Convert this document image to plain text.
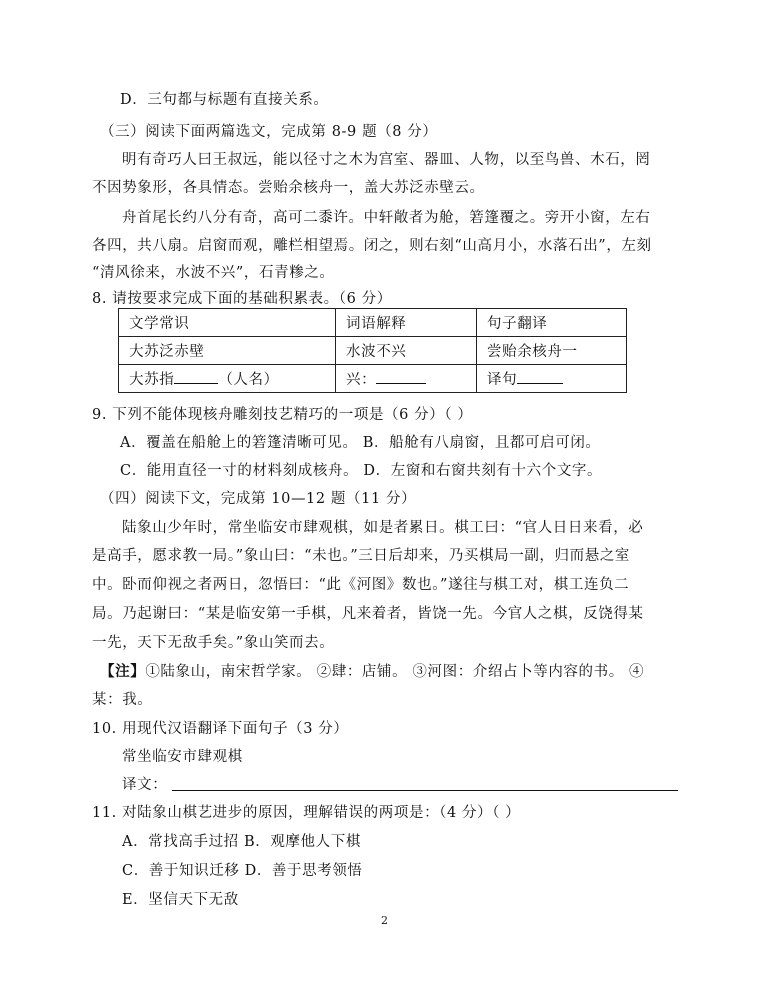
D．三句都与标题有直接关系。
（三）阅读下面两篇选文，完成第 8-9 题（8 分）
明有奇巧人曰王叔远，能以径寸之木为宫室、器皿、人物，以至鸟兽、木石，罔
不因势象形，各具情态。尝贻余核舟一，盖大苏泛赤壁云。
舟首尾长约八分有奇，高可二黍许。中轩敞者为舱，箬篷覆之。旁开小窗，左右
各四，共八扇。启窗而观，雕栏相望焉。闭之，则右刻“山高月小，水落石出”，左刻
“清风徐来，水波不兴”，石青糁之。
8. 请按要求完成下面的基础积累表。（6 分）
文学常识	词语解释	句子翻译
大苏泛赤壁	水波不兴	尝贻余核舟一
大苏指 （人名）	兴：	译句
9. 下列不能体现核舟雕刻技艺精巧的一项是（6 分）（ ）
A．覆盖在船舱上的箬篷清晰可见。 B．船舱有八扇窗，且都可启可闭。
C．能用直径一寸的材料刻成核舟。 D．左窗和右窗共刻有十六个文字。
（四）阅读下文，完成第 10—12 题（11 分）
陆象山少年时，常坐临安市肆观棋，如是者累日。棋工曰：“官人日日来看，必
是高手，愿求教一局。”象山曰：“未也。”三日后却来，乃买棋局一副，归而悬之室
中。卧而仰视之者两日，忽悟曰：“此《河图》数也。”遂往与棋工对，棋工连负二
局。乃起谢曰：“某是临安第一手棋，凡来着者，皆饶一先。今官人之棋，反饶得某
一先，天下无敌手矣。”象山笑而去。
【注】①陆象山，南宋哲学家。 ②肆：店铺。 ③河图：介绍占卜等内容的书。 ④
某：我。
10. 用现代汉语翻译下面句子（3 分）
常坐临安市肆观棋
译文：
11. 对陆象山棋艺进步的原因，理解错误的两项是：（4 分）（ ）
A．常找高手过招 B．观摩他人下棋
C．善于知识迁移 D．善于思考领悟
E．坚信天下无敌
2
